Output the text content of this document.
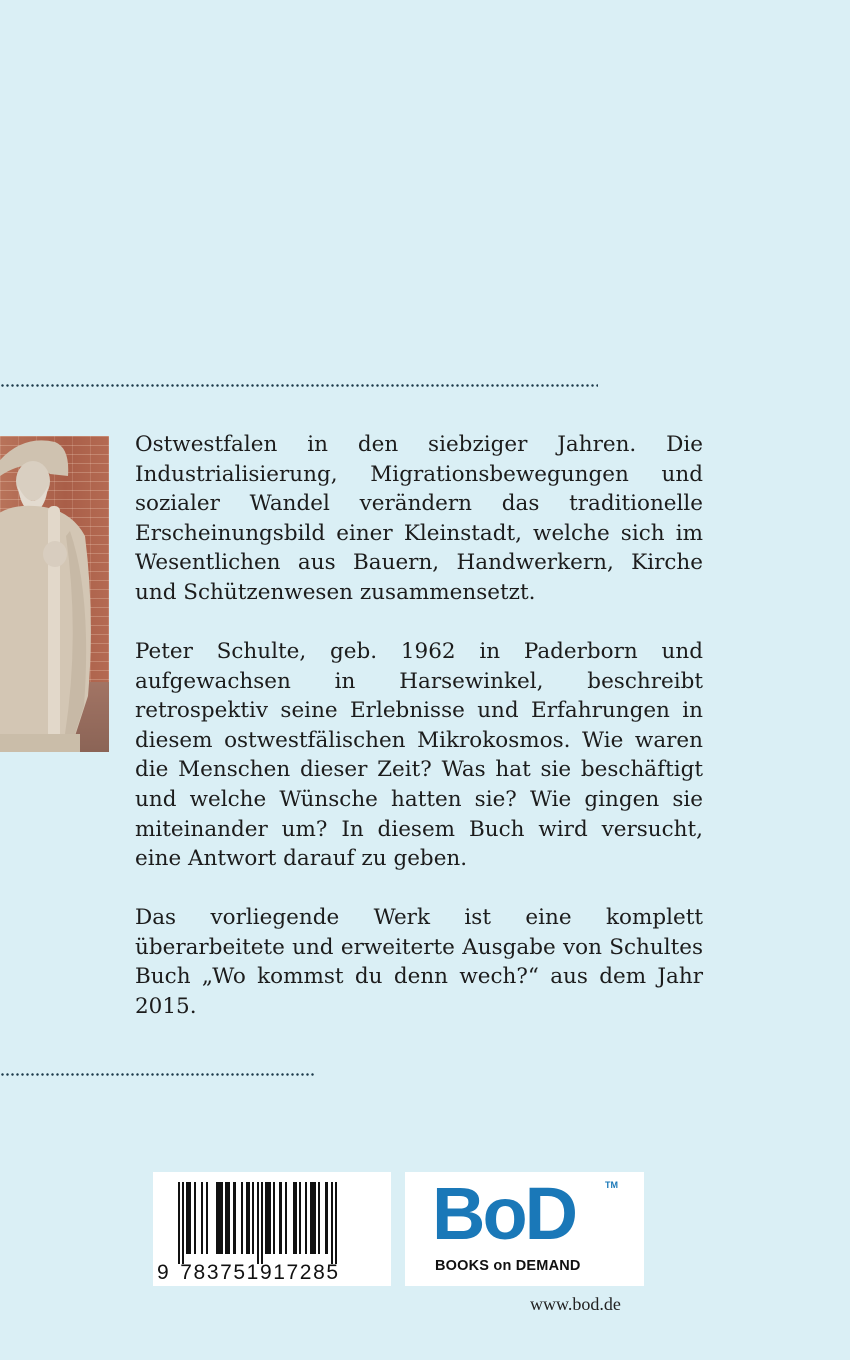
Ostwestfalen in den siebziger Jahren. Die Industrialisierung, Migrationsbewegungen und sozialer Wandel verändern das traditionelle Erscheinungsbild einer Kleinstadt, welche sich im Wesentlichen aus Bauern, Handwerkern, Kirche und Schützenwesen zusammensetzt.

Peter Schulte, geb. 1962 in Paderborn und aufgewachsen in Harsewinkel, beschreibt retrospektiv seine Erlebnisse und Erfahrungen in diesem ostwestfälischen Mikrokosmos. Wie waren die Menschen dieser Zeit? Was hat sie beschäftigt und welche Wünsche hatten sie? Wie gingen sie miteinander um? In diesem Buch wird versucht, eine Antwort darauf zu geben.

Das vorliegende Werk ist eine komplett überarbeitete und erweiterte Ausgabe von Schultes Buch „Wo kommst du denn wech?“ aus dem Jahr 2015.

9 783751917285
BoD	TM
BOOKS on DEMAND
www.bod.de
